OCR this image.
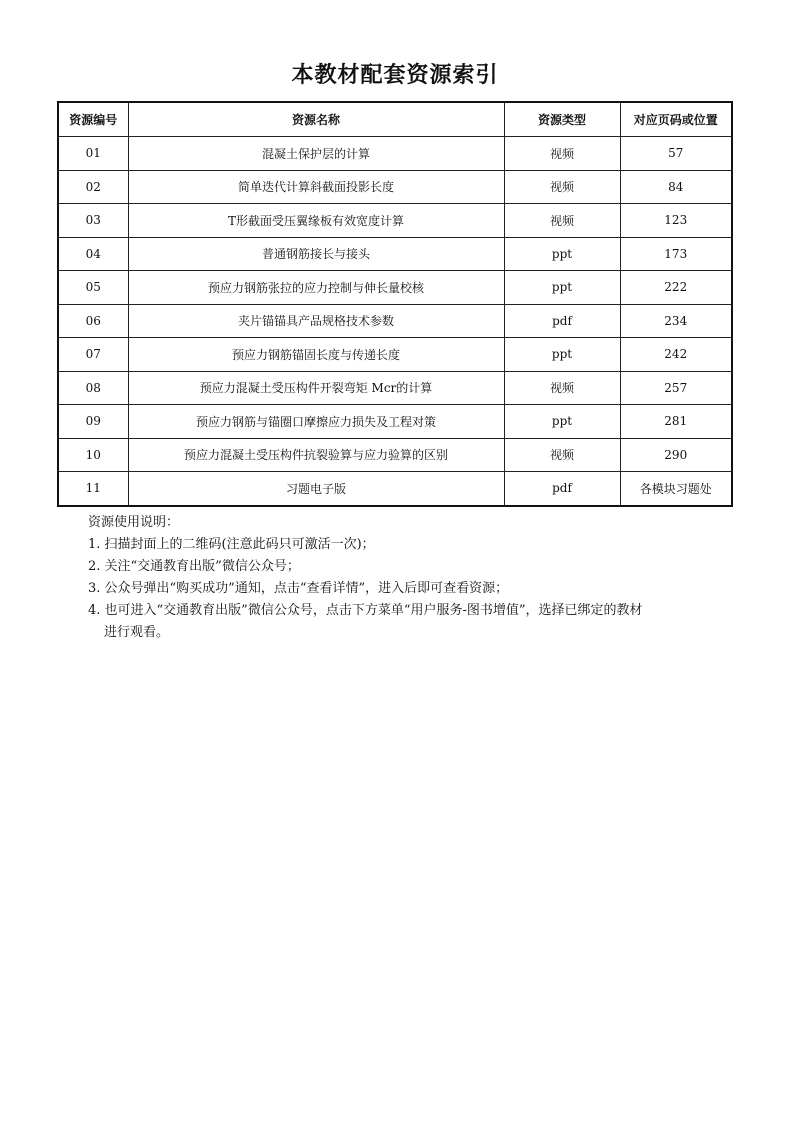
本教材配套资源索引
资源编号	资源名称	资源类型	对应页码或位置
01	混凝土保护层的计算	视频	57
02	简单迭代计算斜截面投影长度	视频	84
03	T形截面受压翼缘板有效宽度计算	视频	123
04	普通钢筋接长与接头	ppt	173
05	预应力钢筋张拉的应力控制与伸长量校核	ppt	222
06	夹片锚锚具产品规格技术参数	pdf	234
07	预应力钢筋锚固长度与传递长度	ppt	242
08	预应力混凝土受压构件开裂弯矩 Mcr的计算	视频	257
09	预应力钢筋与锚圈口摩擦应力损失及工程对策	ppt	281
10	预应力混凝土受压构件抗裂验算与应力验算的区别	视频	290
11	习题电子版	pdf	各模块习题处
资源使用说明：
1. 扫描封面上的二维码(注意此码只可激活一次)；
2. 关注“交通教育出版”微信公众号；
3. 公众号弹出“购买成功”通知，点击“查看详情”，进入后即可查看资源；
4. 也可进入“交通教育出版”微信公众号，点击下方菜单“用户服务-图书增值”，选择已绑定的教材
进行观看。
